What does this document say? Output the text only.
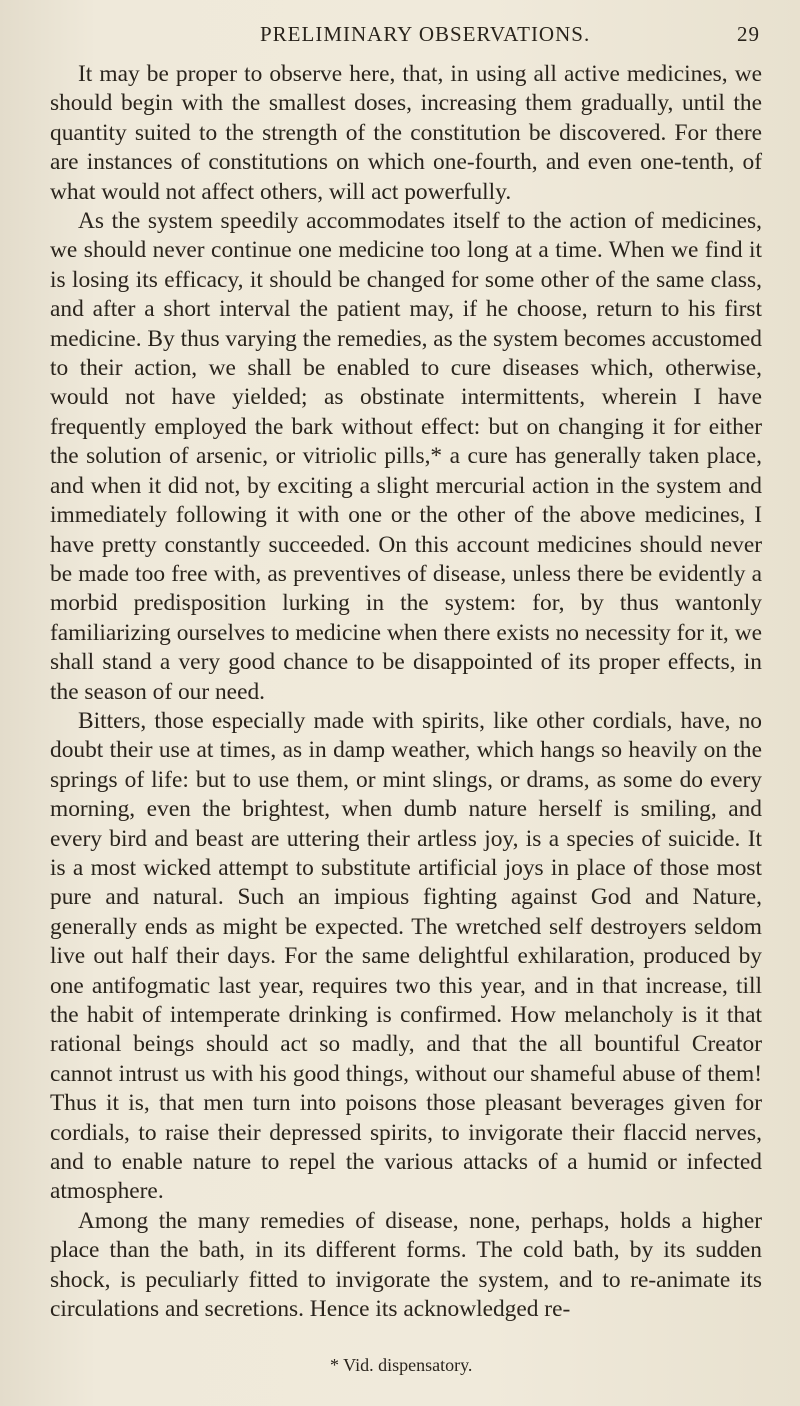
PRELIMINARY OBSERVATIONS.	29

It may be proper to observe here, that, in using all active medicines, we should begin with the smallest doses, increasing them gradually, until the quantity suited to the strength of the constitution be discovered. For there are instances of constitutions on which one-fourth, and even one-tenth, of what would not affect others, will act powerfully.

As the system speedily accommodates itself to the action of medicines, we should never continue one medicine too long at a time. When we find it is losing its efficacy, it should be changed for some other of the same class, and after a short interval the patient may, if he choose, return to his first medicine. By thus varying the remedies, as the system becomes accustomed to their action, we shall be enabled to cure diseases which, otherwise, would not have yielded; as obstinate intermittents, wherein I have frequently employed the bark without effect: but on changing it for either the solution of arsenic, or vitriolic pills,* a cure has generally taken place, and when it did not, by exciting a slight mercurial action in the system and immediately following it with one or the other of the above medicines, I have pretty constantly succeeded. On this account medicines should never be made too free with, as preventives of disease, unless there be evidently a morbid predisposition lurking in the system: for, by thus wantonly familiarizing ourselves to medicine when there exists no necessity for it, we shall stand a very good chance to be disappointed of its proper effects, in the season of our need.

Bitters, those especially made with spirits, like other cordials, have, no doubt their use at times, as in damp weather, which hangs so heavily on the springs of life: but to use them, or mint slings, or drams, as some do every morning, even the brightest, when dumb nature herself is smiling, and every bird and beast are uttering their artless joy, is a species of suicide. It is a most wicked attempt to substitute artificial joys in place of those most pure and natural. Such an impious fighting against God and Nature, generally ends as might be expected. The wretched self destroyers seldom live out half their days. For the same delightful exhilaration, produced by one antifogmatic last year, requires two this year, and in that increase, till the habit of intemperate drinking is confirmed. How melancholy is it that rational beings should act so madly, and that the all bountiful Creator cannot intrust us with his good things, without our shameful abuse of them! Thus it is, that men turn into poisons those pleasant beverages given for cordials, to raise their depressed spirits, to invigorate their flaccid nerves, and to enable nature to repel the various attacks of a humid or infected atmosphere.

Among the many remedies of disease, none, perhaps, holds a higher place than the bath, in its different forms. The cold bath, by its sudden shock, is peculiarly fitted to invigorate the system, and to re-animate its circulations and secretions. Hence its acknowledged re-

* Vid. dispensatory.
